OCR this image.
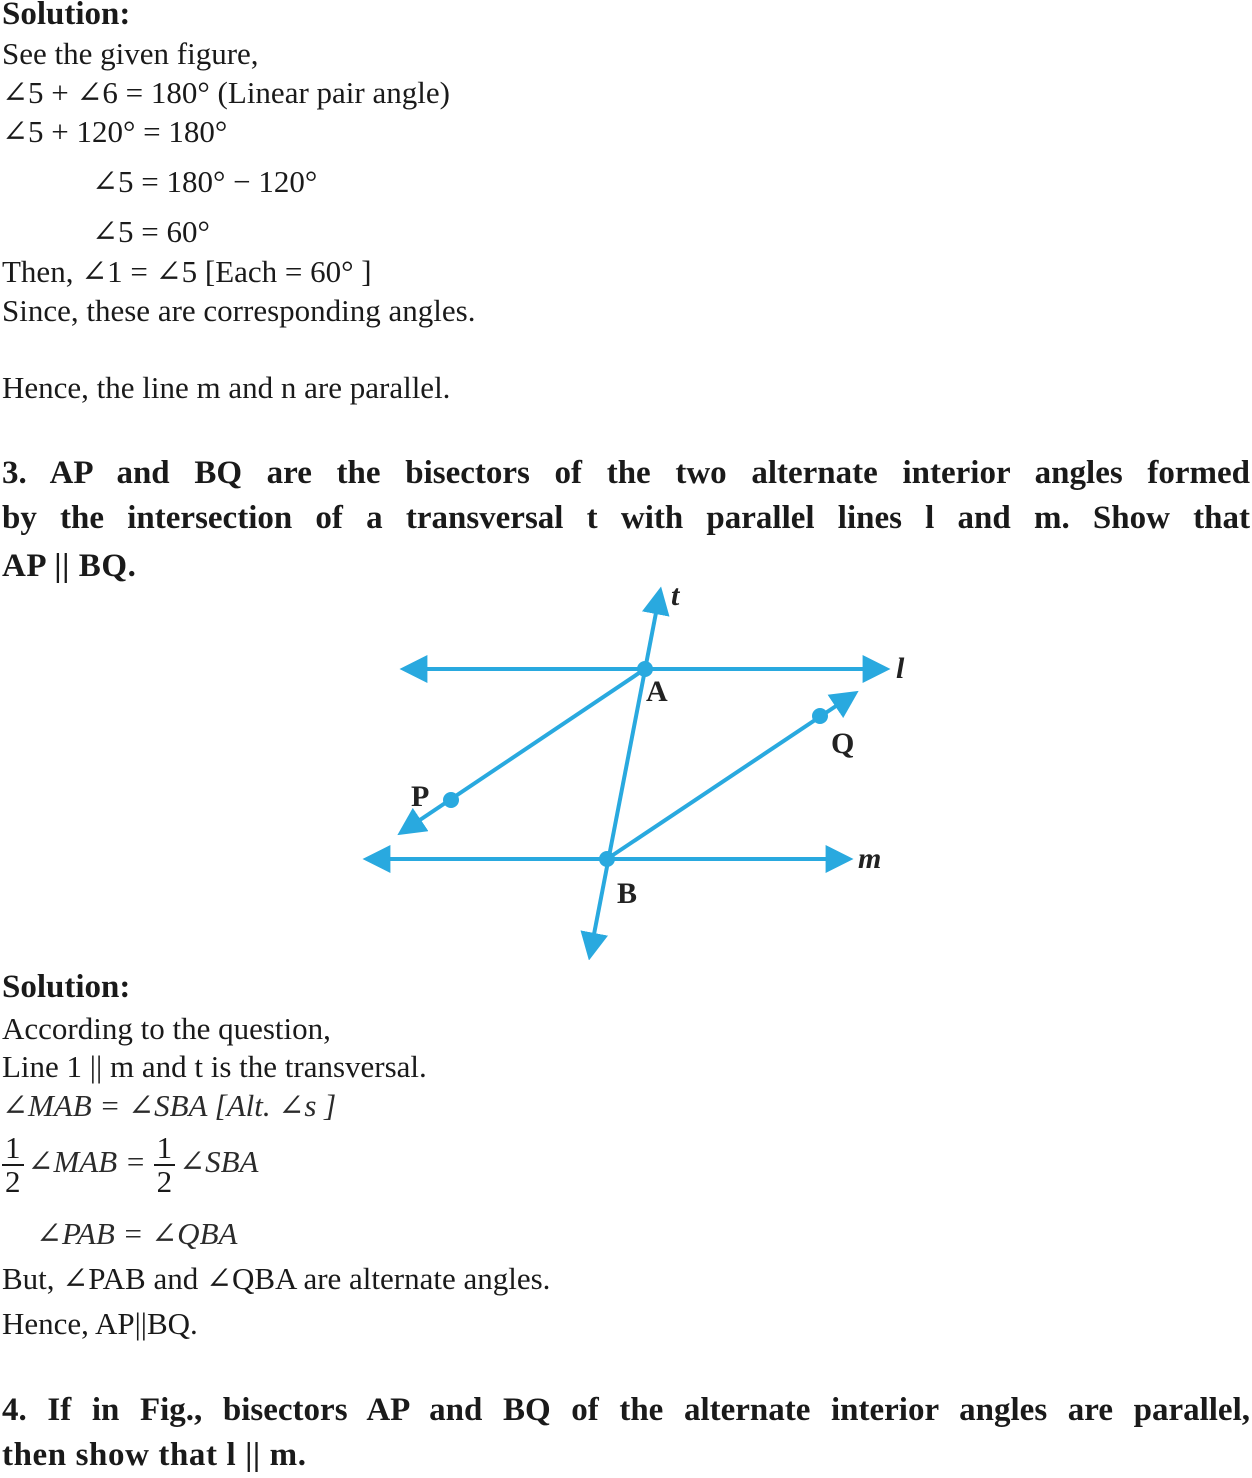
Solution:
See the given figure,
∠5 + ∠6 = 180° (Linear pair angle)
∠5 + 120° = 180°
∠5 = 180° − 120°
∠5 = 60°
Then, ∠1 = ∠5 [Each = 60° ]
Since, these are corresponding angles.
Hence, the line m and n are parallel.
3. AP and BQ are the bisectors of the two alternate interior angles formed
by the intersection of a transversal t with parallel lines l and m. Show that
AP || BQ.
t
l
m
A
B
P
Q
Solution:
According to the question,
Line 1 || m and t is the transversal.
∠MAB = ∠SBA [Alt. ∠s ]
$\frac{1}{2}$ ∠MAB = $\frac{1}{2}$ ∠SBA
∠PAB = ∠QBA
But, ∠PAB and ∠QBA are alternate angles.
Hence, AP||BQ.
4. If in Fig., bisectors AP and BQ of the alternate interior angles are parallel,
then show that l || m.
